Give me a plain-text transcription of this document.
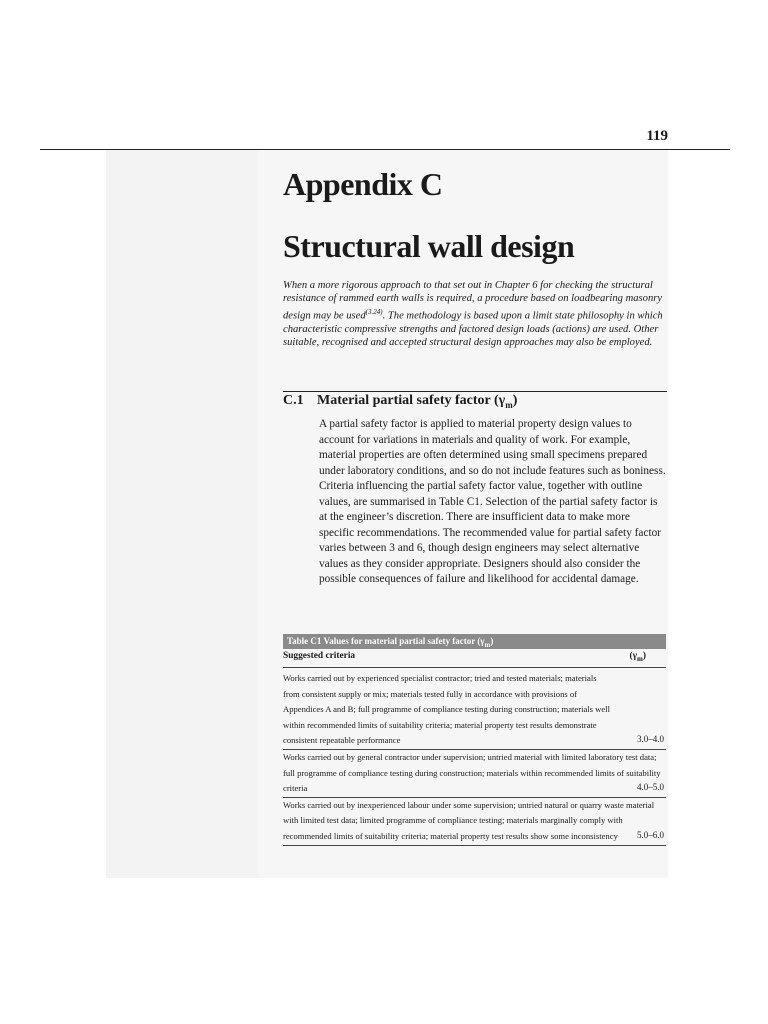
119
Appendix C
Structural wall design

When a more rigorous approach to that set out in Chapter 6 for checking the structural resistance of rammed earth walls is required, a procedure based on loadbearing masonry design may be used$^{(3.24)}$. The methodology is based upon a limit state philosophy in which characteristic compressive strengths and factored design loads (actions) are used. Other suitable, recognised and accepted structural design approaches may also be employed.

C.1 Material partial safety factor $(\gamma_m)$

A partial safety factor is applied to material property design values to account for variations in materials and quality of work. For example, material properties are often determined using small specimens prepared under laboratory conditions, and so do not include features such as boniness. Criteria influencing the partial safety factor value, together with outline values, are summarised in Table C1. Selection of the partial safety factor is at the engineer’s discretion. There are insufficient data to make more specific recommendations. The recommended value for partial safety factor varies between 3 and 6, though design engineers may select alternative values as they consider appropriate. Designers should also consider the possible consequences of failure and likelihood for accidental damage.

Table C1 Values for material partial safety factor $(\gamma_m)$
Suggested criteria	$(\gamma_m)$
Works carried out by experienced specialist contractor; tried and tested materials; materials from consistent supply or mix; materials tested fully in accordance with provisions of Appendices A and B; full programme of compliance testing during construction; materials well within recommended limits of suitability criteria; material property test results demonstrate consistent repeatable performance	3.0–4.0
Works carried out by general contractor under supervision; untried material with limited laboratory test data; full programme of compliance testing during construction; materials within recommended limits of suitability criteria	4.0–5.0
Works carried out by inexperienced labour under some supervision; untried natural or quarry waste material with limited test data; limited programme of compliance testing; materials marginally comply with recommended limits of suitability criteria; material property test results show some inconsistency	5.0–6.0
